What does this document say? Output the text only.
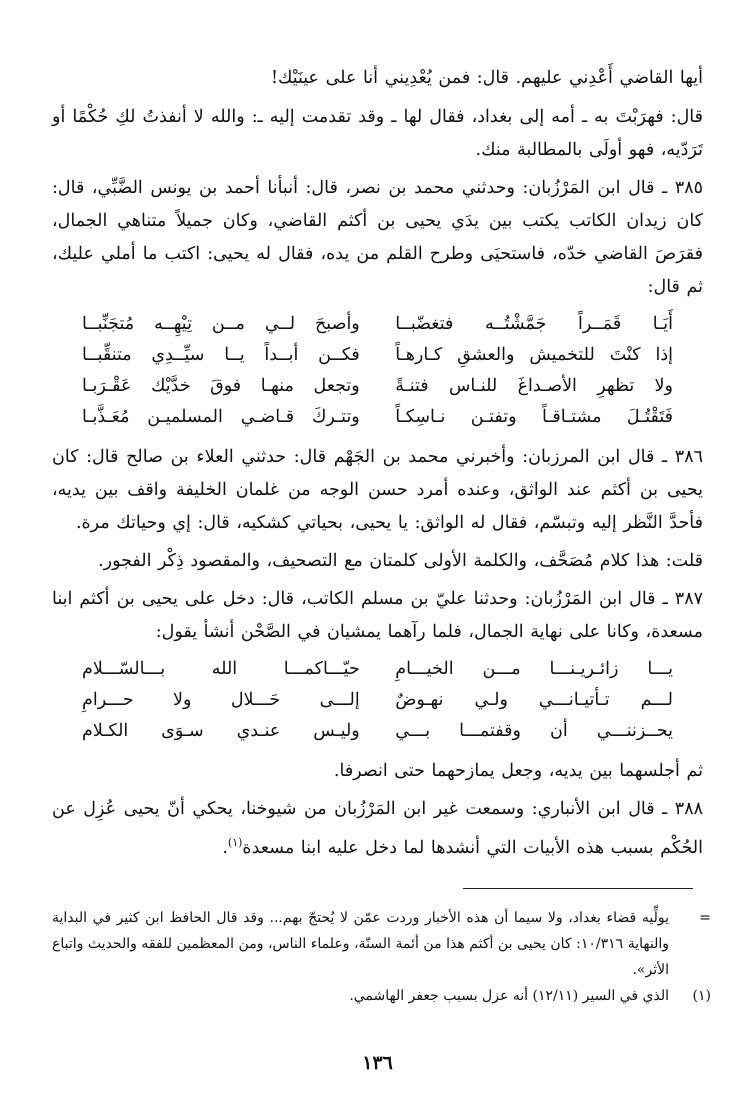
أيها القاضي أَعْدِني عليهم. قال: فمن يُعْدِيني أنا على عينَيْك!

قال: فهرَبْتَ به ـ أمه إلى بغداد، فقال لها ـ وقد تقدمت إليه ـ: والله لا أنفذتُ لكِ حُكْمًا أو تَرَدّيه، فهو أولَى بالمطالبة منك.

٣٨٥ ـ قال ابن المَرْزُبان: وحدثني محمد بن نصر، قال: أنبأنا أحمد بن يونس الضَّبِّي، قال: كان زيدان الكاتب يكتب بين يدَي يحيى بن أكثم القاضي، وكان جميلاً متناهي الجمال، فقرَصَ القاضي خدّه، فاستحيَى وطرح القلم من يده، فقال له يحيى: اكتب ما أملي عليك، ثم قال:

أَيَـا قَمَــراً جَمَّشْتُــه فتغضّبــا
وأصبحَ لــي مــن تِيْهِــه مُتجَنِّبــا
إذا كنْتَ للتخميش والعشقِ كـارهـاً
فكــن أبــداً يــا سيِّــدِي متنقِّبــا
ولا تظهرِ الأصـداغَ للنـاس فتنـةً
وتجعل منهـا فوقَ خدَّيْك عَقْـرَبـا
فَتَقْتُـلَ مشتـاقـاً وتفتـن نـاسِكـاً
وتتـركَ قـاضـي المسلميـن مُعَـذَّبـا

٣٨٦ ـ قال ابن المرزبان: وأخبرني محمد بن الجَهْم قال: حدثني العلاء بن صالح قال: كان يحيى بن أكثم عند الواثق، وعنده أمرد حسن الوجه من غلمان الخليفة واقف بين يديه، فأحدَّ النَّظر إليه وتبسّم، فقال له الواثق: يا يحيى، بحياتي كشكيه، قال: إي وحياتك مرة.

قلت: هذا كلام مُصَحَّف، والكلمة الأولى كلمتان مع التصحيف، والمقصود ذِكْر الفجور.

٣٨٧ ـ قال ابن المَرْزُبان: وحدثنا عليّ بن مسلم الكاتب، قال: دخل على يحيى بن أكثم ابنا مسعدة، وكانا على نهاية الجمال، فلما رآهما يمشيان في الصَّحْن أنشأ يقول:

يـــا زائـريـنـــا مـــن الخيـــامِ
حيّـــاكمـــا الله بـــالسّـــلام
لـــم تـأتيـانـــي ولـي نهـوضٌ
إلـــى حَـــلال ولا حـــرامِ
يحــزننـــي أن وقفتمـــا بـــي
وليـس عنـدي سـوَى الكـلام

ثم أجلسهما بين يديه، وجعل يمازحهما حتى انصرفا.

٣٨٨ ـ قال ابن الأنباري: وسمعت غير ابن المَرْزُبان من شيوخنا، يحكي أنّ يحيى عُزِل عن الحُكْم بسبب هذه الأبيات التي أنشدها لما دخل عليه ابنا مسعدة$^{(١)}$.

=
يولِّيه قضاء بغداد، ولا سيما أن هذه الأخبار وردت عمّن لا يُحتجّ بهم... وقد قال الحافظ ابن كثير في البداية والنهاية ١٠/٣١٦: كان يحيى بن أكثم هذا من أئمة السنّة، وعلماء الناس، ومن المعظمين للفقه والحديث واتباع الأثر».
(١)
الذي في السير (١٢/١١) أنه عزل بسبب جعفر الهاشمي.
١٣٦
